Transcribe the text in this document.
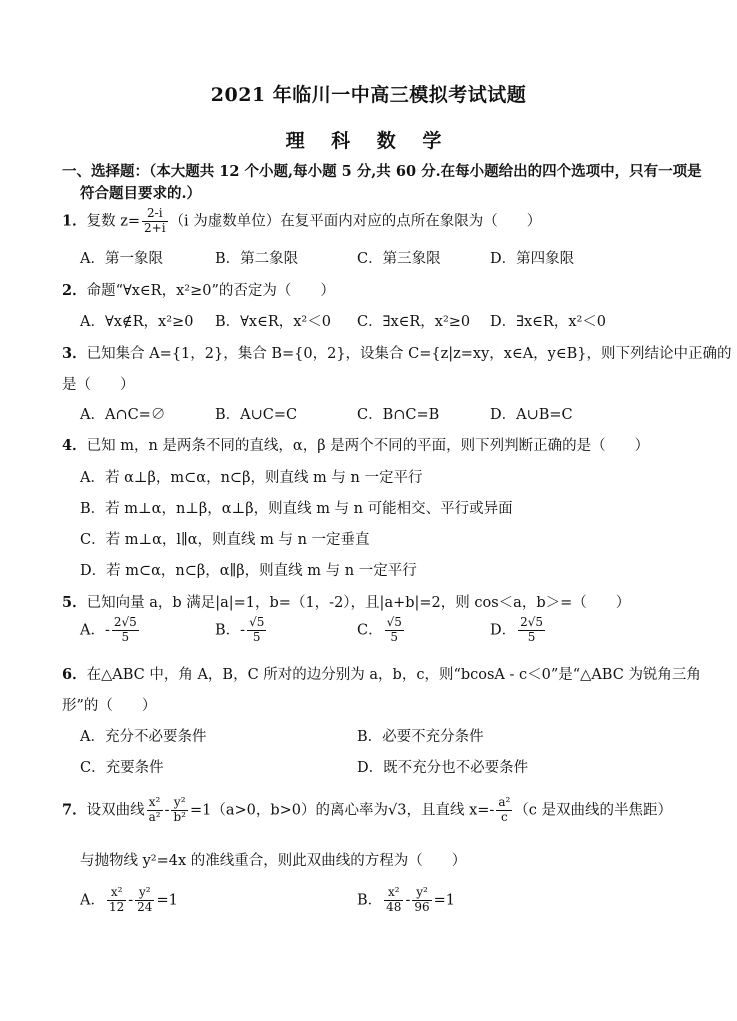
2021 年临川一中高三模拟考试试题
理 科 数 学
一、选择题：（本大题共 12 个小题,每小题 5 分,共 60 分.在每小题给出的四个选项中，只有一项是
符合题目要求的.）
1．复数 $z= \frac{2-i}{2+i} (i$ 为虚数单位）在复平面内对应的点所在象限为（　　）
A．第一象限	B．第二象限	C．第三象限	D．第四象限
2．命题“∀x∈R，x²≥0”的否定为（　　）
A．∀x∉R，x²≥0 B．∀x∈R，x²＜0 C．∃x∈R，x²≥0 D．∃x∈R，x²＜0
3．已知集合 A={1，2}，集合 B={0，2}，设集合 C={z|z=xy，x∈A，y∈B}，则下列结论中正确的
是（　　）
A．A∩C=∅	B．A∪C=C	C．B∩C=B	D．A∪B=C
4．已知 m，n 是两条不同的直线，α，β 是两个不同的平面，则下列判断正确的是（　　）
A．若 α⊥β，m⊂α，n⊂β，则直线 m 与 n 一定平行
B．若 m⊥α，n⊥β，α⊥β，则直线 m 与 n 可能相交、平行或异面
C．若 m⊥α，l∥α，则直线 m 与 n 一定垂直
D．若 m⊂α，n⊂β，α∥β，则直线 m 与 n 一定平行
5．已知向量 a，b 满足|a|=1，b=（1，-2），且|a+b|=2，则 cos＜a，b＞=（　　）
A．- $\frac{2√5}{5}$	B．- $\frac{√5}{5}$	C． $\frac{√5}{5}$	D． $\frac{2√5}{5}$
6．在△ABC 中，角 A，B，C 所对的边分别为 a，b，c，则“bcosA - c＜0”是“△ABC 为锐角三角
形”的（　　）
A．充分不必要条件	B．必要不充分条件
C．充要条件	D．既不充分也不必要条件
7．设双曲线 $\frac{\text{x²}}{\text{a²}} - \frac{\text{y²}}{\text{b²}} =1(a>0$，b>0）的离心率为√3，且直线 $x=- \frac{\text{a²}}{c} (c$ 是双曲线的半焦距）
与抛物线 y²=4x 的准线重合，则此双曲线的方程为（　　）
A． $\frac{\text{x²}}{12} - \frac{\text{y²}}{24} =1$	B． $\frac{\text{x²}}{48} - \frac{\text{y²}}{96} =1$
